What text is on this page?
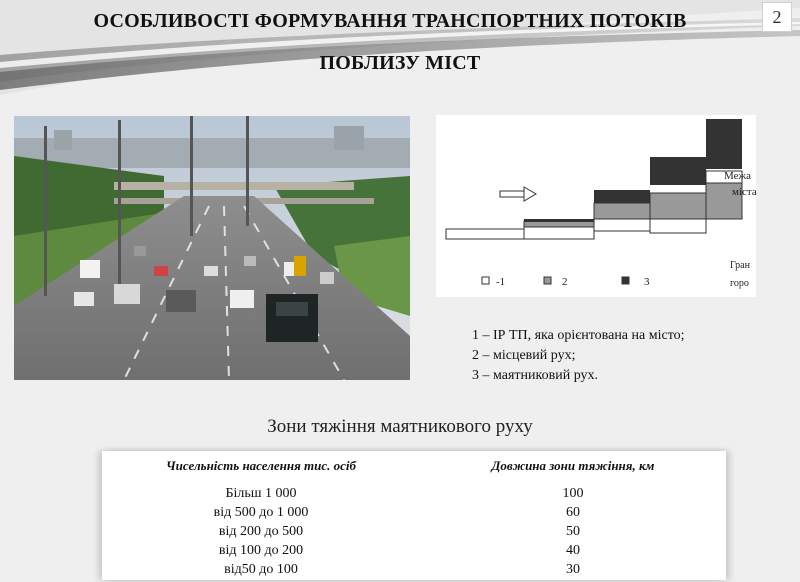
2
ОСОБЛИВОСТІ ФОРМУВАННЯ ТРАНСПОРТНИХ ПОТОКІВ
ПОБЛИЗУ МІСТ
Межа
міста
Гран
горо
-1	2	3
1 – ІР ТП, яка орієнтована на місто;
2 – місцевий рух;
3 – маятниковий рух.
Зони тяжіння маятникового руху
Чисельність населення тис. осіб
Більш 1 000
від 500 до 1 000
від 200 до 500
від 100 до 200
від50 до 100
Довжина зони тяжіння, км
100
60
50
40
30
